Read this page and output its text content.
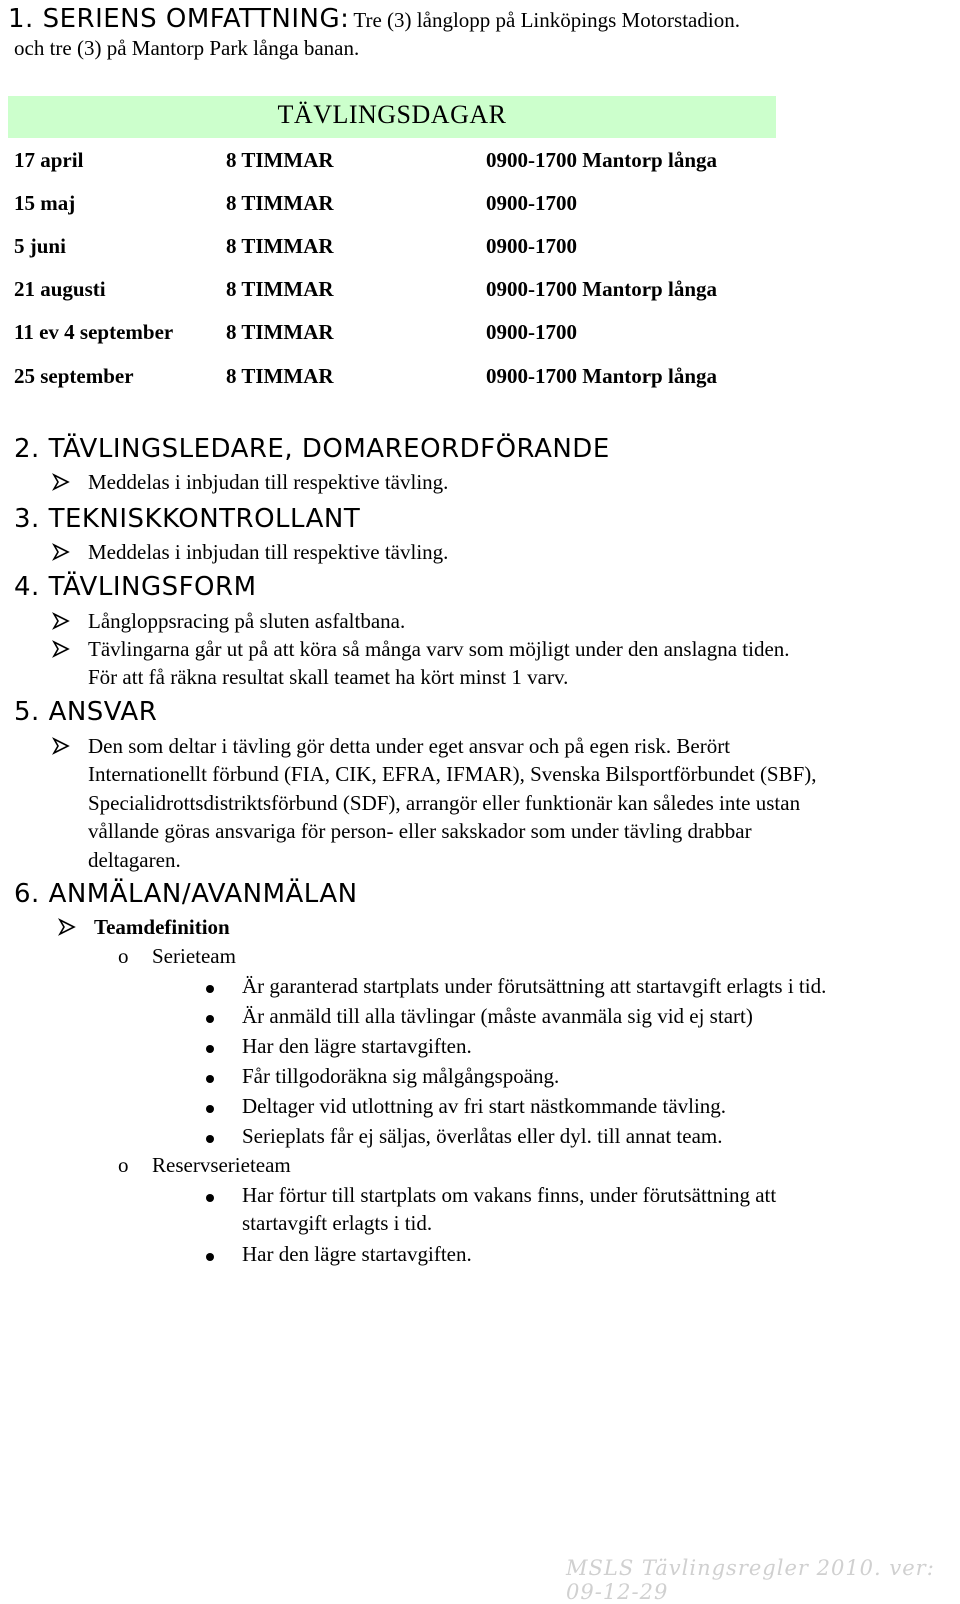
1. SERIENS OMFATTNING: Tre (3) långlopp på Linköpings Motorstadion.
och tre (3) på Mantorp Park långa banan.
TÄVLINGSDAGAR
17 april	8 TIMMAR	0900-1700 Mantorp långa
15 maj	8 TIMMAR	0900-1700
5 juni	8 TIMMAR	0900-1700
21 augusti	8 TIMMAR	0900-1700 Mantorp långa
11 ev 4 september	8 TIMMAR	0900-1700
25 september	8 TIMMAR	0900-1700 Mantorp långa
2. TÄVLINGSLEDARE, DOMAREORDFÖRANDE
Meddelas i inbjudan till respektive tävling.
3. TEKNISKKONTROLLANT
Meddelas i inbjudan till respektive tävling.
4. TÄVLINGSFORM
Långloppsracing på sluten asfaltbana.
Tävlingarna går ut på att köra så många varv som möjligt under den anslagna tiden.
För att få räkna resultat skall teamet ha kört minst 1 varv.
5. ANSVAR
Den som deltar i tävling gör detta under eget ansvar och på egen risk. Berört
Internationellt förbund (FIA, CIK, EFRA, IFMAR), Svenska Bilsportförbundet (SBF),
Specialidrottsdistriktsförbund (SDF), arrangör eller funktionär kan således inte ustan
vållande göras ansvariga för person- eller sakskador som under tävling drabbar
deltagaren.
6. ANMÄLAN/AVANMÄLAN
Teamdefinition
o Serieteam
Är garanterad startplats under förutsättning att startavgift erlagts i tid.
Är anmäld till alla tävlingar (måste avanmäla sig vid ej start)
Har den lägre startavgiften.
Får tillgodoräkna sig målgångspoäng.
Deltager vid utlottning av fri start nästkommande tävling.
Serieplats får ej säljas, överlåtas eller dyl. till annat team.
o Reservserieteam
Har förtur till startplats om vakans finns, under förutsättning att
startavgift erlagts i tid.
Har den lägre startavgiften.
MSLS Tävlingsregler 2010. ver: 09-12-29
